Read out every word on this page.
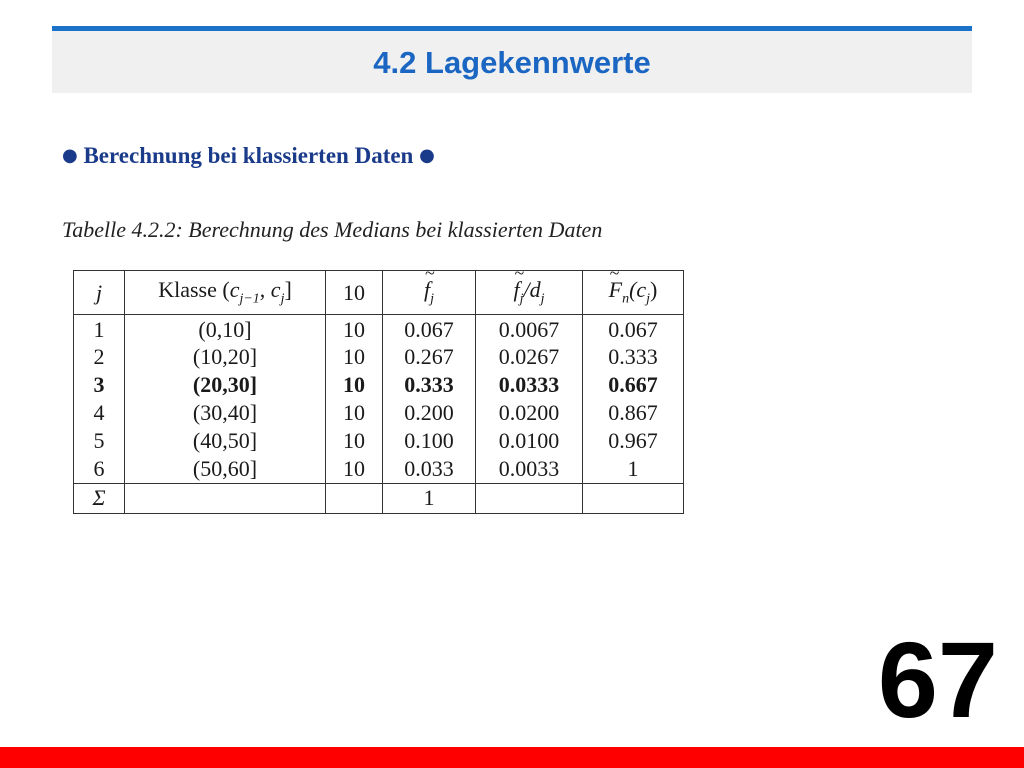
4.2 Lagekennwerte
● Berechnung bei klassierten Daten ●
Tabelle 4.2.2: Berechnung des Medians bei klassierten Daten
j	Klasse ($c_{j-1}$, $c_j$]	10	~ $f_j$	~ $f_j/d_j$	~ $F_n(c_j)$
1	(0,10]	10	0.067	0.0067	0.067
2	(10,20]	10	0.267	0.0267	0.333
3	(20,30]	10	0.333	0.0333	0.667
4	(30,40]	10	0.200	0.0200	0.867
5	(40,50]	10	0.100	0.0100	0.967
6	(50,60]	10	0.033	0.0033	1
Σ			1		
67
